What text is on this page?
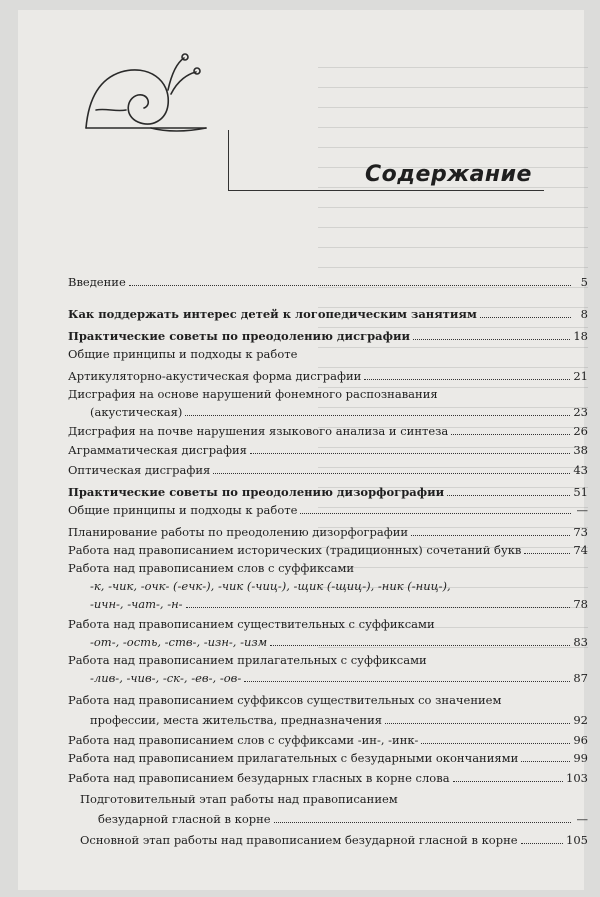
Содержание
Введение	5
Как поддержать интерес детей к логопедическим занятиям	8
Практические советы по преодолению дисграфии	18
Общие принципы и подходы к работе
Артикуляторно-акустическая форма дисграфии	21
Дисграфия на основе нарушений фонемного распознавания
(акустическая)	23
Дисграфия на почве нарушения языкового анализа и синтеза	26
Аграмматическая дисграфия	38
Оптическая дисграфия	43
Практические советы по преодолению дизорфографии	51
Общие принципы и подходы к работе	—
Планирование работы по преодолению дизорфографии	73
Работа над правописанием исторических (традиционных) сочетаний букв	74
Работа над правописанием слов с суффиксами
-к, -чик, -очк- (-ечк-), -чик (-чиц-), -щик (-щиц-), -ник (-ниц-),
-ичн-, -чат-, -н-	78
Работа над правописанием существительных с суффиксами
-от-, -ость, -ств-, -изн-, -изм	83
Работа над правописанием прилагательных с суффиксами
-лив-, -чив-, -ск-, -ев-, -ов-	87
Работа над правописанием суффиксов существительных со значением
профессии, места жительства, предназначения	92
Работа над правописанием слов с суффиксами -ин-, -инк-	96
Работа над правописанием прилагательных с безударными окончаниями	99
Работа над правописанием безударных гласных в корне слова	103
Подготовительный этап работы над правописанием
безударной гласной в корне	—
Основной этап работы над правописанием безударной гласной в корне	105
